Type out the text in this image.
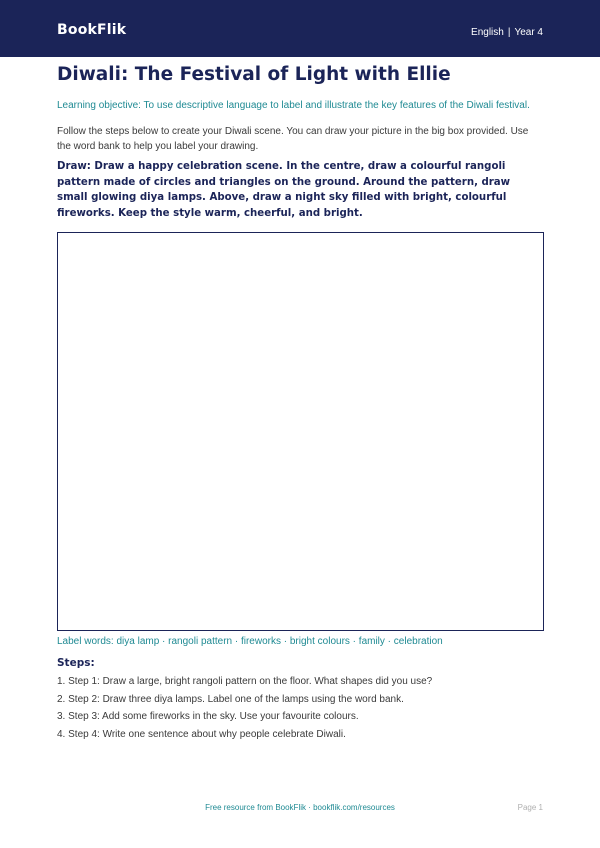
BookFlik	English | Year 4
Diwali: The Festival of Light with Ellie

Learning objective: To use descriptive language to label and illustrate the key features of the Diwali festival.

Follow the steps below to create your Diwali scene. You can draw your picture in the big box provided. Use the word bank to help you label your drawing.

Draw: Draw a happy celebration scene. In the centre, draw a colourful rangoli pattern made of circles and triangles on the ground. Around the pattern, draw small glowing diya lamps. Above, draw a night sky filled with bright, colourful fireworks. Keep the style warm, cheerful, and bright.

Label words: diya lamp · rangoli pattern · fireworks · bright colours · family · celebration

Steps:
1. Step 1: Draw a large, bright rangoli pattern on the floor. What shapes did you use?
2. Step 2: Draw three diya lamps. Label one of the lamps using the word bank.
3. Step 3: Add some fireworks in the sky. Use your favourite colours.
4. Step 4: Write one sentence about why people celebrate Diwali.
Free resource from BookFlik · bookflik.com/resources	Page 1
